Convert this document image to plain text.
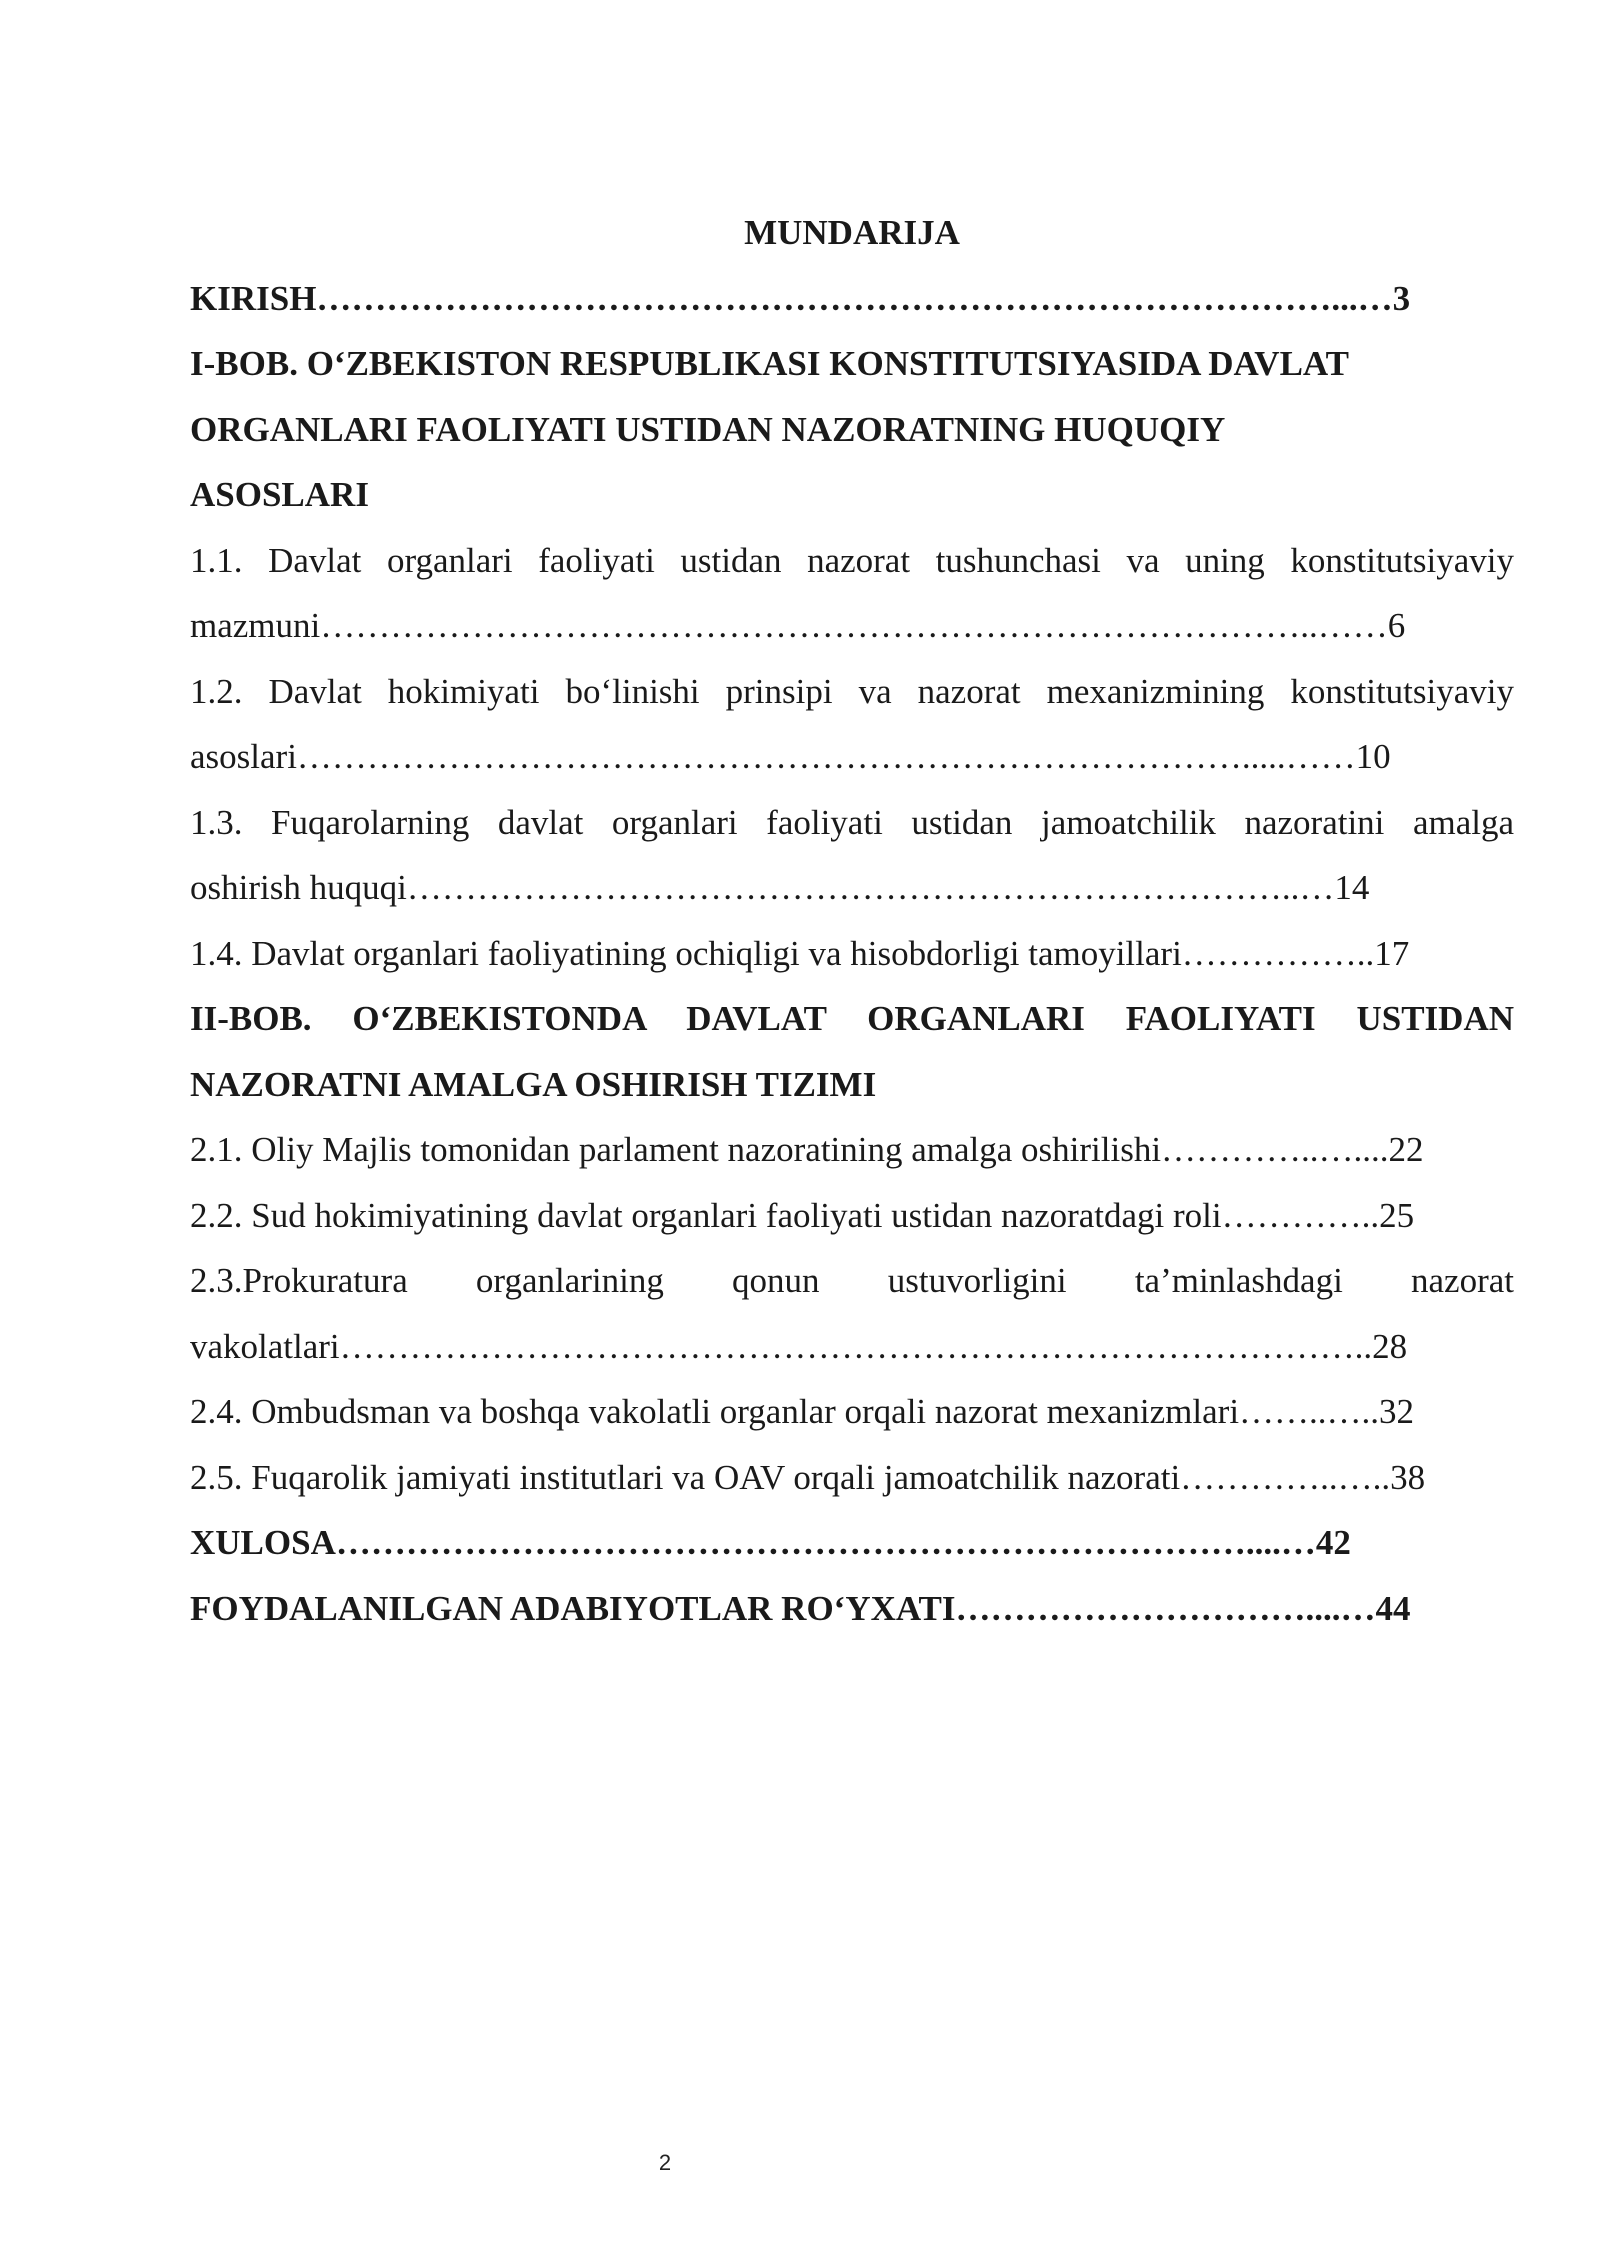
MUNDARIJA
KIRISH……………………………………………………………………………...…3
I-BOB. O‘ZBEKISTON RESPUBLIKASI KONSTITUTSIYASIDA DAVLAT
ORGANLARI FAOLIYATI USTIDAN NAZORATNING HUQUQIY
ASOSLARI
1.1. Davlat organlari faoliyati ustidan nazorat tushunchasi va uning konstitutsiyaviy
mazmuni…………………………………………………………………………..……6
1.2. Davlat hokimiyati bo‘linishi prinsipi va nazorat mexanizmining konstitutsiyaviy
asoslari……………………………………………………………………….....……10
1.3. Fuqarolarning davlat organlari faoliyati ustidan jamoatchilik nazoratini amalga
oshirish huquqi…………………………………………………………………..…14
1.4. Davlat organlari faoliyatining ochiqligi va hisobdorligi tamoyillari……………..17
II-BOB. O‘ZBEKISTONDA DAVLAT ORGANLARI FAOLIYATI USTIDAN
NAZORATNI AMALGA OSHIRISH TIZIMI
2.1. Oliy Majlis tomonidan parlament nazoratining amalga oshirilishi…………..…....22
2.2. Sud hokimiyatining davlat organlari faoliyati ustidan nazoratdagi roli…………..25
2.3.Prokuratura organlarining qonun ustuvorligini ta’minlashdagi nazorat
vakolatlari……………………………………………………………………………..28
2.4. Ombudsman va boshqa vakolatli organlar orqali nazorat mexanizmlari……..…..32
2.5. Fuqarolik jamiyati institutlari va OAV orqali jamoatchilik nazorati…………..…..38
XULOSA……………………………………………………………………....…42
FOYDALANILGAN ADABIYOTLAR RO‘YXATI…………………………....…44
2
